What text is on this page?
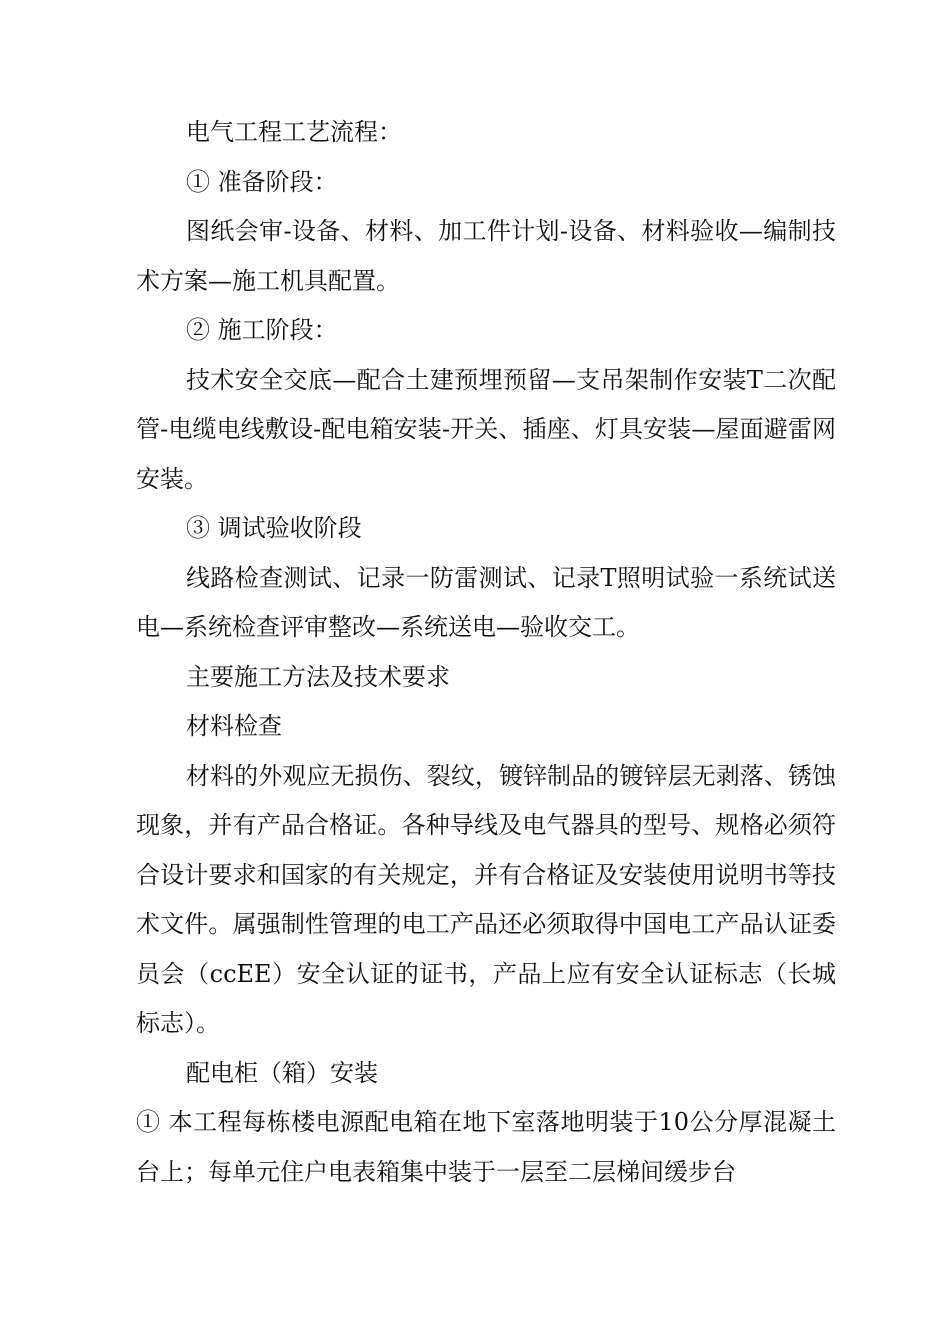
电气工程工艺流程：

① 准备阶段：

图纸会审-设备、材料、加工件计划-设备、材料验收—编制技术方案—施工机具配置。

② 施工阶段：

技术安全交底—配合土建预埋预留—支吊架制作安装T二次配管-电缆电线敷设-配电箱安装-开关、插座、灯具安装—屋面避雷网安装。

③ 调试验收阶段

线路检查测试、记录一防雷测试、记录T照明试验一系统试送电—系统检查评审整改—系统送电—验收交工。

主要施工方法及技术要求

材料检查

材料的外观应无损伤、裂纹，镀锌制品的镀锌层无剥落、锈蚀现象，并有产品合格证。各种导线及电气器具的型号、规格必须符合设计要求和国家的有关规定，并有合格证及安装使用说明书等技术文件。属强制性管理的电工产品还必须取得中国电工产品认证委员会（ccEE）安全认证的证书，产品上应有安全认证标志（长城标志）。

配电柜（箱）安装

① 本工程每栋楼电源配电箱在地下室落地明装于10公分厚混凝土台上；每单元住户电表箱集中装于一层至二层梯间缓步台
